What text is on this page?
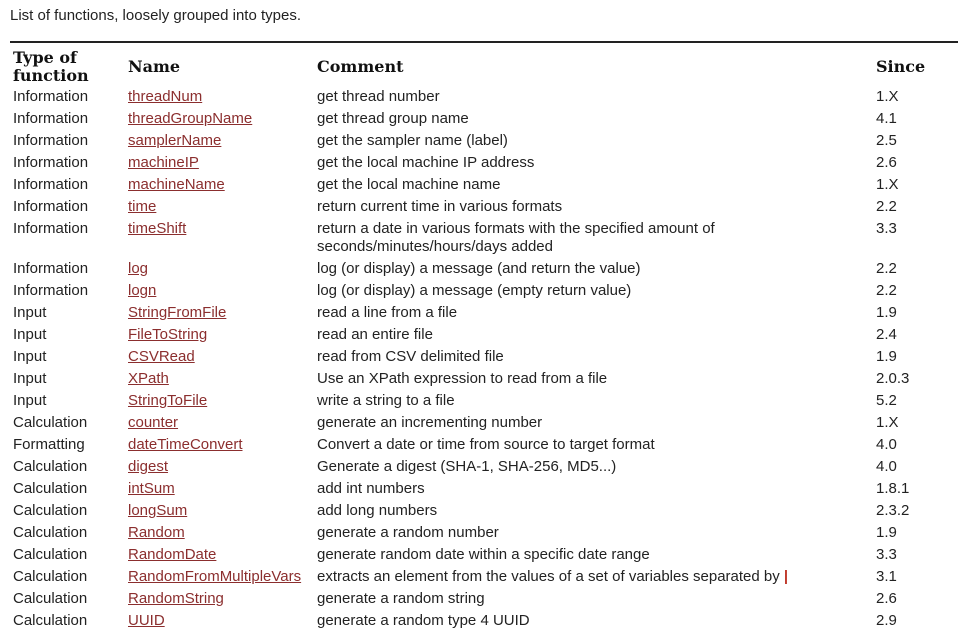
List of functions, loosely grouped into types.
Type of function	Name	Comment	Since
Information	threadNum	get thread number	1.X
Information	threadGroupName	get thread group name	4.1
Information	samplerName	get the sampler name (label)	2.5
Information	machineIP	get the local machine IP address	2.6
Information	machineName	get the local machine name	1.X
Information	time	return current time in various formats	2.2
Information	timeShift	return a date in various formats with the specified amount of seconds/minutes/hours/days added	3.3
Information	log	log (or display) a message (and return the value)	2.2
Information	logn	log (or display) a message (empty return value)	2.2
Input	StringFromFile	read a line from a file	1.9
Input	FileToString	read an entire file	2.4
Input	CSVRead	read from CSV delimited file	1.9
Input	XPath	Use an XPath expression to read from a file	2.0.3
Input	StringToFile	write a string to a file	5.2
Calculation	counter	generate an incrementing number	1.X
Formatting	dateTimeConvert	Convert a date or time from source to target format	4.0
Calculation	digest	Generate a digest (SHA-1, SHA-256, MD5...)	4.0
Calculation	intSum	add int numbers	1.8.1
Calculation	longSum	add long numbers	2.3.2
Calculation	Random	generate a random number	1.9
Calculation	RandomDate	generate random date within a specific date range	3.3
Calculation	RandomFromMultipleVars	extracts an element from the values of a set of variables separated by |	3.1
Calculation	RandomString	generate a random string	2.6
Calculation	UUID	generate a random type 4 UUID	2.9
